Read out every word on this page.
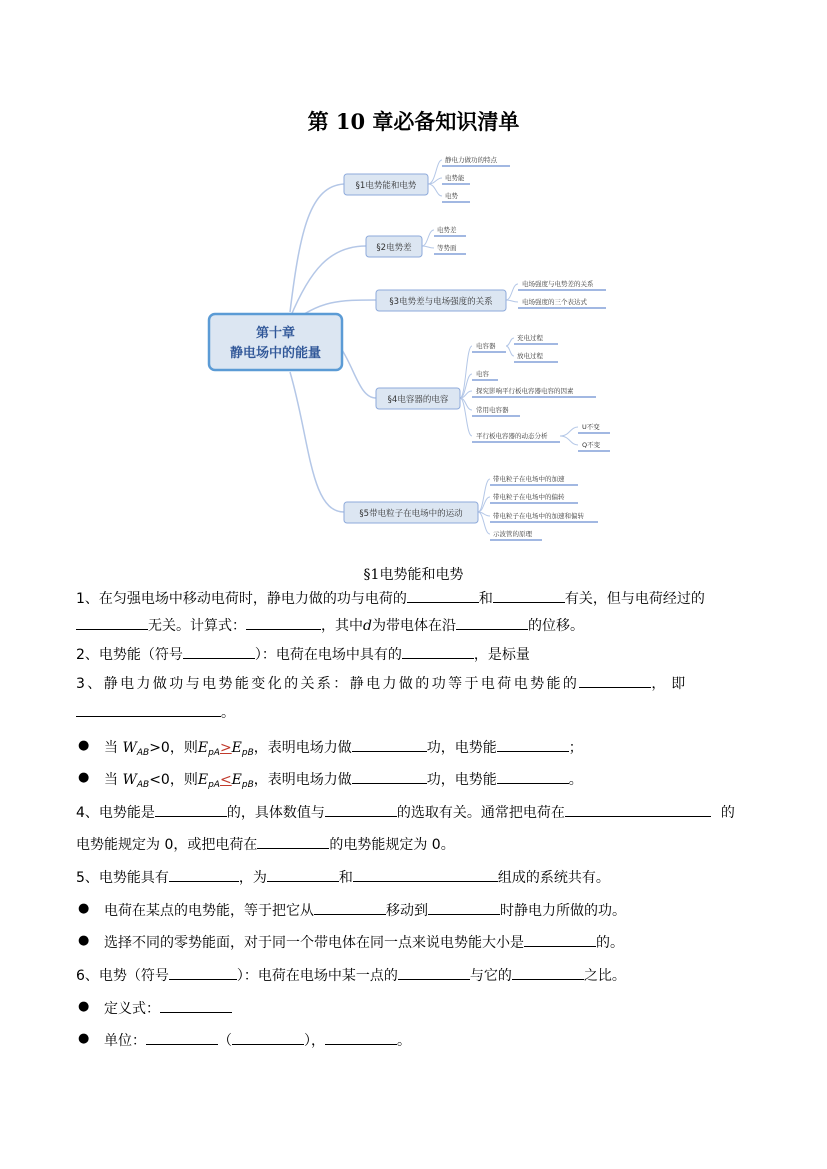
第 10 章必备知识清单
第十章
静电场中的能量
§1电势能和电势
§2电势差
§3电势差与电场强度的关系
§4电容器的电容
§5带电粒子在电场中的运动
静电力做功的特点
电势能
电势
电势差
等势面
电场强度与电势差的关系
电场强度的三个表达式
电容器
电容
探究影响平行板电容器电容的因素
常用电容器
平行板电容器的动态分析
充电过程
放电过程
U不变
Q不变
带电粒子在电场中的加速
带电粒子在电场中的偏转
带电粒子在电场中的加速和偏转
示波管的原理
§1电势能和电势
1、在匀强电场中移动电荷时，静电力做的功与电荷的	和	有关，但与电荷经过的
无关。计算式：	，其中d为带电体在沿	的位移。
2、电势能（符号	）：电荷在电场中具有的	，是标量
3、静电力做功与电势能变化的关系：静电力做的功等于电荷电势能的	，即
。
● 当 $W_{AB}>0$，则$E_{pA}>E_{pB}$，表明电场力做	功，电势能	；
● 当 $W_{AB}<0$，则$E_{pA}<E_{pB}$，表明电场力做	功，电势能	。
4、电势能是	的，具体数值与	的选取有关。通常把电荷在	的
电势能规定为 0，或把电荷在	的电势能规定为 0。
5、电势能具有	，为	和	组成的系统共有。
● 电荷在某点的电势能，等于把它从	移动到	时静电力所做的功。
● 选择不同的零势能面，对于同一个带电体在同一点来说电势能大小是	的。
6、电势（符号	）：电荷在电场中某一点的	与它的	之比。
● 定义式：
● 单位：	（	），	。
